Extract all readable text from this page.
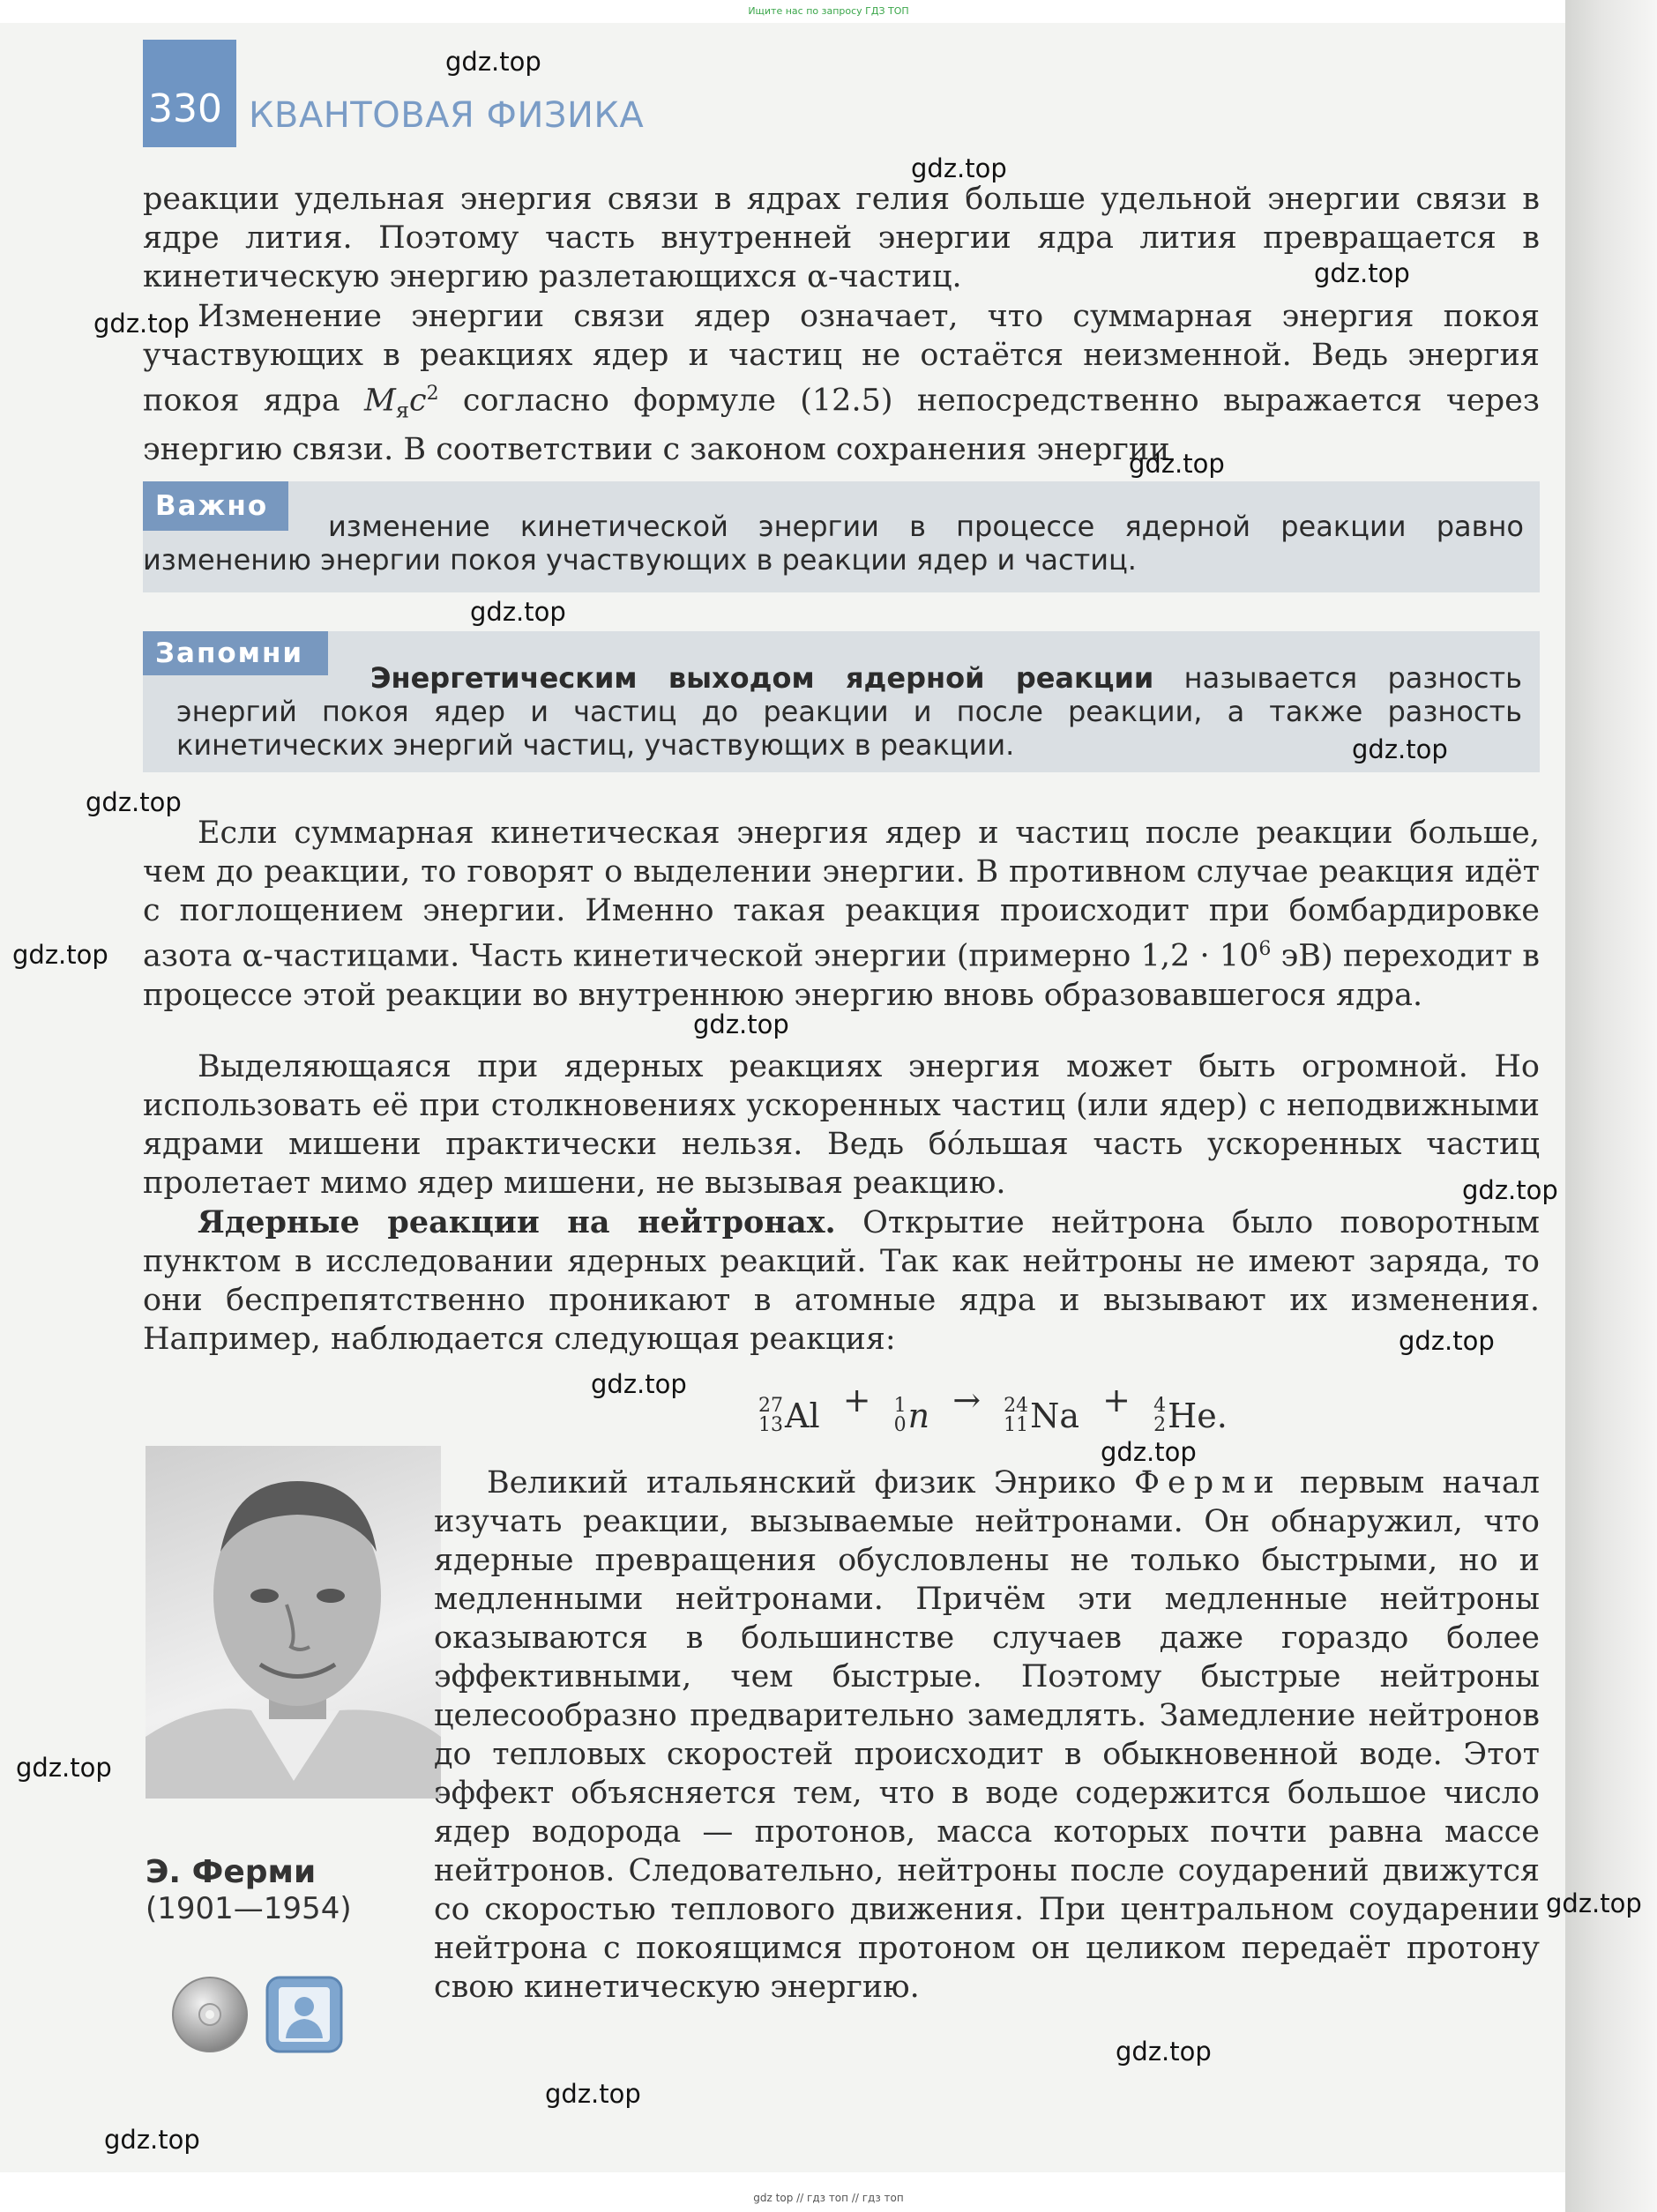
Ищите нас по запросу ГДЗ ТОП
330 КВАНТОВАЯ ФИЗИКА

реакции удельная энергия связи в ядрах гелия больше удельной энергии связи в ядре лития. Поэтому часть внутренней энергии ядра лития превращается в кинетическую энергию разлетающихся α-частиц.

Изменение энергии связи ядер означает, что суммарная энергия покоя участвующих в реакциях ядер и частиц не остаётся неизменной. Ведь энергия покоя ядра $M_яc^2$ согласно формуле (12.5) непосредственно выражается через энергию связи. В соответствии с законом сохранения энергии

Важно

изменение кинетической энергии в процессе ядерной реакции равно изменению энергии покоя участвующих в реакции ядер и частиц.

Запомни

Энергетическим выходом ядерной реакции называется разность энергий покоя ядер и частиц до реакции и после реакции, а также разность кинетических энергий частиц, участвующих в реакции.

Если суммарная кинетическая энергия ядер и частиц после реакции больше, чем до реакции, то говорят о выделении энергии. В противном случае реакция идёт с поглощением энергии. Именно такая реакция происходит при бомбардировке азота α-частицами. Часть кинетической энергии (примерно $1,2 \cdot 10^6$ эВ) переходит в процессе этой реакции во внутреннюю энергию вновь образовавшегося ядра.

Выделяющаяся при ядерных реакциях энергия может быть огромной. Но использовать её при столкновениях ускоренных частиц (или ядер) с неподвижными ядрами мишени практически нельзя. Ведь бóльшая часть ускоренных частиц пролетает мимо ядер мишени, не вызывая реакцию.

Ядерные реакции на нейтронах. Открытие нейтрона было поворотным пунктом в исследовании ядерных реакций. Так как нейтроны не имеют заряда, то они беспрепятственно проникают в атомные ядра и вызывают их изменения. Например, наблюдается следующая реакция:

27
13 Al + 1
0 n → 24
11 Na + 4
2 He.
Э. Ферми
(1901—1954)

Великий итальянский физик Энрико Ферми первым начал изучать реакции, вызываемые нейтронами. Он обнаружил, что ядерные превращения обусловлены не только быстрыми, но и медленными нейтронами. Причём эти медленные нейтроны оказываются в большинстве случаев даже гораздо более эффективными, чем быстрые. Поэтому быстрые нейтроны целесообразно предварительно замедлять. Замедление нейтронов до тепловых скоростей происходит в обыкновенной воде. Этот эффект объясняется тем, что в воде содержится большое число ядер водорода — протонов, масса которых почти равна массе нейтронов. Следовательно, нейтроны после соударений движутся со скоростью теплового движения. При центральном соударении нейтрона с покоящимся протоном он целиком передаёт протону свою кинетическую энергию.

gdz.top
gdz.top
gdz.top
gdz.top
gdz.top
gdz.top
gdz.top
gdz.top
gdz.top
gdz.top
gdz.top
gdz.top
gdz.top
gdz.top
gdz.top
gdz.top
gdz.top
gdz.top
gdz.top
gdz top // гдз топ // гдз топ
